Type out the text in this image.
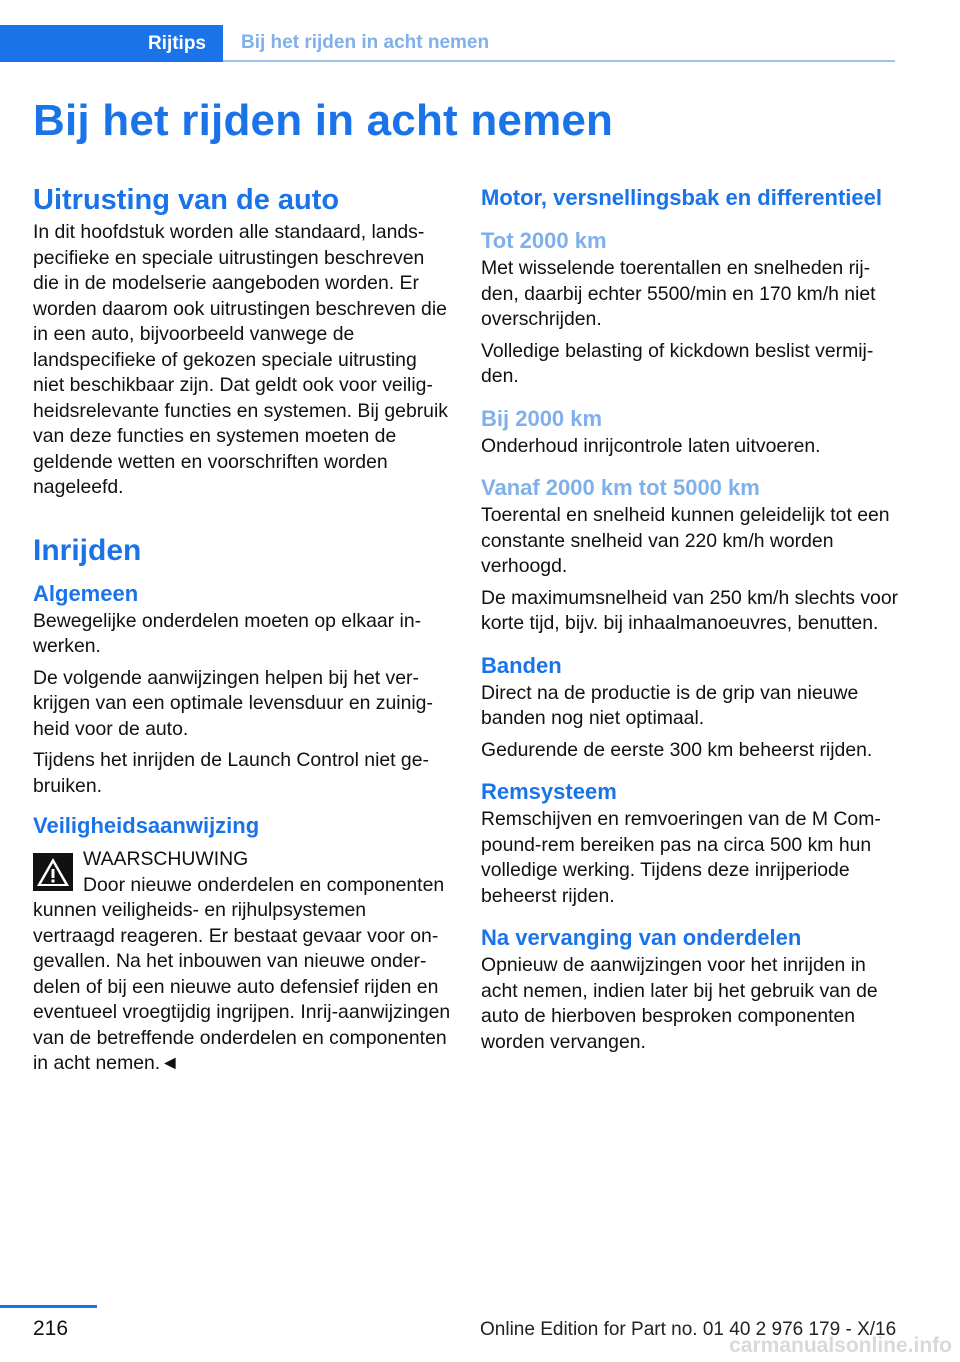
Rijtips	Bij het rijden in acht nemen
Bij het rijden in acht nemen
Uitrusting van de auto

In dit hoofdstuk worden alle standaard, landspecifieke en speciale uitrustingen beschreven die in de modelserie aangeboden worden. Er worden daarom ook uitrustingen beschreven die in een auto, bijvoorbeeld vanwege de landspecifieke of gekozen speciale uitrusting niet beschikbaar zijn. Dat geldt ook voor veiligheidsrelevante functies en systemen. Bij gebruik van deze functies en systemen moeten de geldende wetten en voorschriften worden nageleefd.

Inrijden
Algemeen

Bewegelijke onderdelen moeten op elkaar inwerken.

De volgende aanwijzingen helpen bij het verkrijgen van een optimale levensduur en zuinigheid voor de auto.

Tijdens het inrijden de Launch Control niet gebruiken.

Veiligheidsaanwijzing
WAARSCHUWING

Door nieuwe onderdelen en componenten kunnen veiligheids- en rijhulpsystemen vertraagd reageren. Er bestaat gevaar voor ongevallen. Na het inbouwen van nieuwe onderdelen of bij een nieuwe auto defensief rijden en eventueel vroegtijdig ingrijpen. Inrij-aanwijzingen van de betreffende onderdelen en componenten in acht nemen.◄

Motor, versnellingsbak en differentieel
Tot 2000 km

Met wisselende toerentallen en snelheden rijden, daarbij echter 5500/min en 170 km/h niet overschrijden.

Volledige belasting of kickdown beslist vermijden.

Bij 2000 km

Onderhoud inrijcontrole laten uitvoeren.

Vanaf 2000 km tot 5000 km

Toerental en snelheid kunnen geleidelijk tot een constante snelheid van 220 km/h worden verhoogd.

De maximumsnelheid van 250 km/h slechts voor korte tijd, bijv. bij inhaalmanoeuvres, benutten.

Banden

Direct na de productie is de grip van nieuwe banden nog niet optimaal.

Gedurende de eerste 300 km beheerst rijden.

Remsysteem

Remschijven en remvoeringen van de M Compound-rem bereiken pas na circa 500 km hun volledige werking. Tijdens deze inrijperiode beheerst rijden.

Na vervanging van onderdelen

Opnieuw de aanwijzingen voor het inrijden in acht nemen, indien later bij het gebruik van de auto de hierboven besproken componenten worden vervangen.

216	Online Edition for Part no. 01 40 2 976 179 - X/16
carmanualsonline.info
